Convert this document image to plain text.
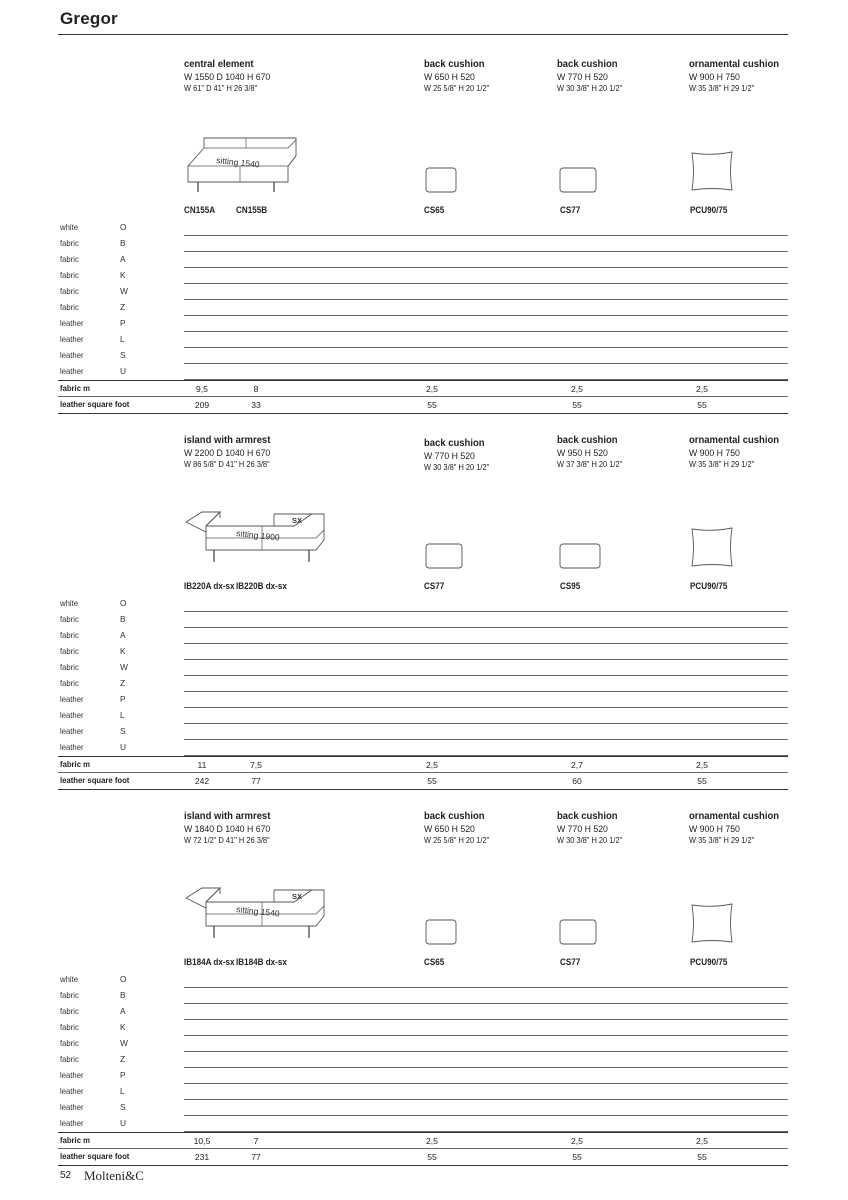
Gregor
central element
W 1550 D 1040 H 670
W 61" D 41" H 26 3/8"
back cushion
W 650 H 520
W 25 5/8" H 20 1/2"
back cushion
W 770 H 520
W 30 3/8" H 20 1/2"
ornamental cushion
W 900 H 750
W 35 3/8" H 29 1/2"
sitting 1540
CN155A CN155B	CS65	CS77	PCU90/75
white	O
fabric	B
fabric	A
fabric	K
fabric	W
fabric	Z
leather	P
leather	L
leather	S
leather	U
fabric m	9,5	8	2,5	2,5	2,5
leather square foot	209	33	55	55	55
island with armrest
W 2200 D 1040 H 670
W 86 5/8" D 41" H 26 3/8"
back cushion
W 770 H 520
W 30 3/8" H 20 1/2"
back cushion
W 950 H 520
W 37 3/8" H 20 1/2"
ornamental cushion
W 900 H 750
W 35 3/8" H 29 1/2"
sitting 1900
SX
IB220A dx-sx IB220B dx-sx	CS77	CS95	PCU90/75
white	O
fabric	B
fabric	A
fabric	K
fabric	W
fabric	Z
leather	P
leather	L
leather	S
leather	U
fabric m	11	7,5	2,5	2,7	2,5
leather square foot	242	77	55	60	55
island with armrest
W 1840 D 1040 H 670
W 72 1/2" D 41" H 26 3/8"
back cushion
W 650 H 520
W 25 5/8" H 20 1/2"
back cushion
W 770 H 520
W 30 3/8" H 20 1/2"
ornamental cushion
W 900 H 750
W 35 3/8" H 29 1/2"
sitting 1540
SX
IB184A dx-sx IB184B dx-sx	CS65	CS77	PCU90/75
white	O
fabric	B
fabric	A
fabric	K
fabric	W
fabric	Z
leather	P
leather	L
leather	S
leather	U
fabric m	10,5	7	2,5	2,5	2,5
leather square foot	231	77	55	55	55
52 Molteni&C
